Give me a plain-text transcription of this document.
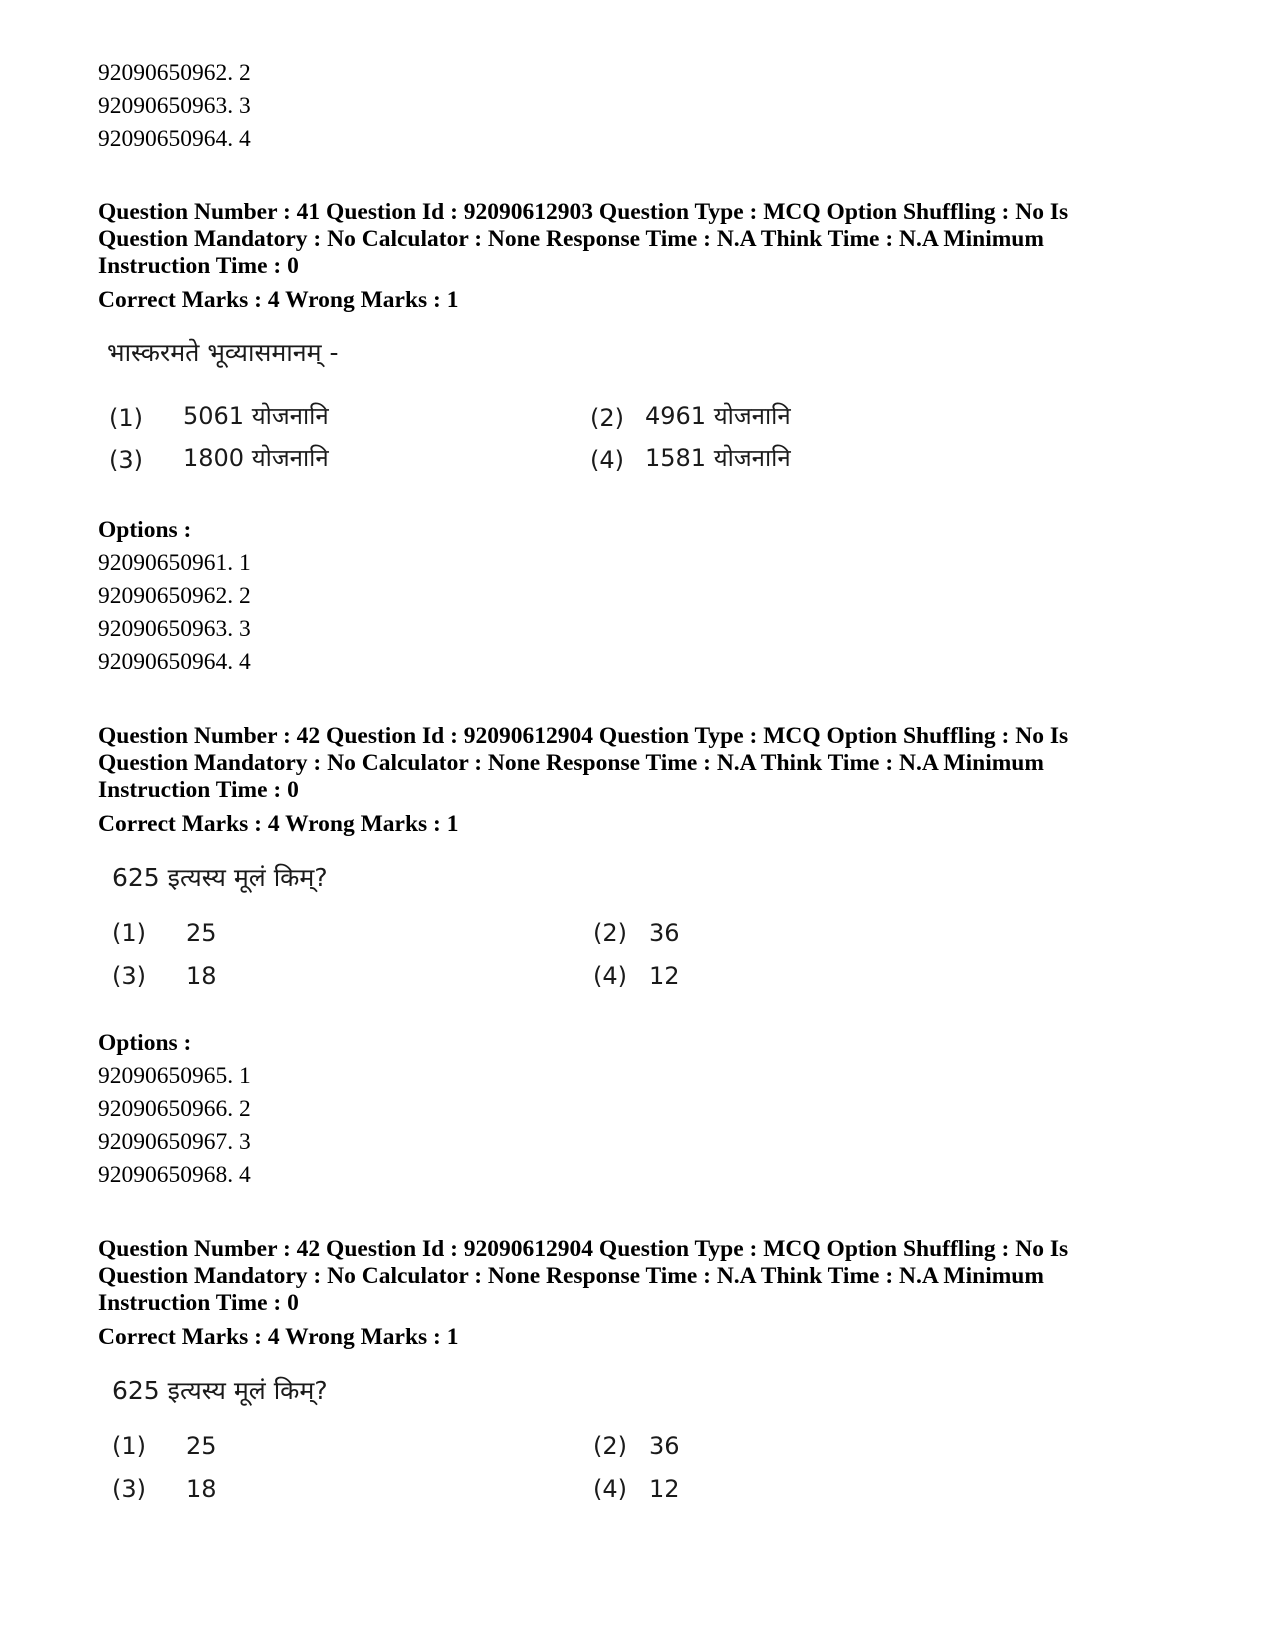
92090650962. 2
92090650963. 3
92090650964. 4
Question Number : 41 Question Id : 92090612903 Question Type : MCQ Option Shuffling : No Is
Question Mandatory : No Calculator : None Response Time : N.A Think Time : N.A Minimum
Instruction Time : 0
Correct Marks : 4 Wrong Marks : 1
भास्करमते भूव्यासमानम् -
(1) 5061 योजनानि	(2) 4961 योजनानि
(3) 1800 योजनानि	(4) 1581 योजनानि
Options :
92090650961. 1
92090650962. 2
92090650963. 3
92090650964. 4
Question Number : 42 Question Id : 92090612904 Question Type : MCQ Option Shuffling : No Is
Question Mandatory : No Calculator : None Response Time : N.A Think Time : N.A Minimum
Instruction Time : 0
Correct Marks : 4 Wrong Marks : 1
625 इत्यस्य मूलं किम्?
(1) 25	(2) 36
(3) 18	(4) 12
Options :
92090650965. 1
92090650966. 2
92090650967. 3
92090650968. 4
Question Number : 42 Question Id : 92090612904 Question Type : MCQ Option Shuffling : No Is
Question Mandatory : No Calculator : None Response Time : N.A Think Time : N.A Minimum
Instruction Time : 0
Correct Marks : 4 Wrong Marks : 1
625 इत्यस्य मूलं किम्?
(1) 25	(2) 36
(3) 18	(4) 12
